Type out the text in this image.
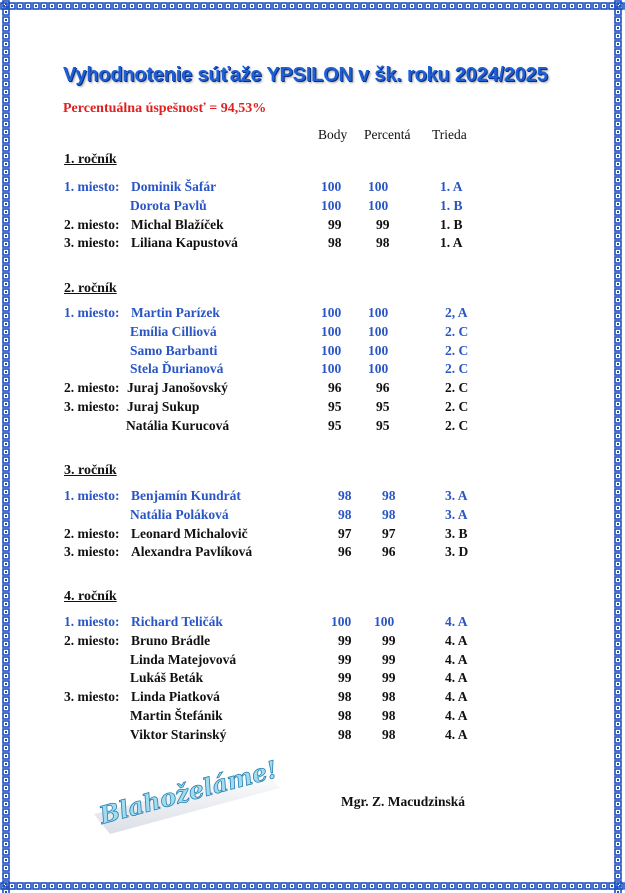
Vyhodnotenie súťaže YPSILON v šk. roku 2024/2025
Percentuálna úspešnosť = 94,53%
Body Percentá Trieda
1. ročník
1. miesto: Dominik Šafár	100 100	1. A
Dorota Pavlů	100 100	1. B
2. miesto: Michal Blažíček	99	99	1. B
3. miesto: Liliana Kapustová	98	98	1. A
2. ročník
1. miesto: Martin Parízek	100 100	2, A
Emília Cilliová	100 100	2. C
Samo Barbanti	100 100	2. C
Stela Ďurianová	100 100	2. C
2. miesto: Juraj Janošovský	96	96	2. C
3. miesto: Juraj Sukup	95	95	2. C
Natália Kurucová	95	95	2. C
3. ročník
1. miesto: Benjamín Kundrát	98 98	3. A
Natália Poláková	98 98	3. A
2. miesto: Leonard Michalovič	97 97	3. B
3. miesto: Alexandra Pavlíková	96 96	3. D
4. ročník
1. miesto: Richard Teličák	100 100	4. A
2. miesto: Bruno Brádle	99 99	4. A
Linda Matejovová	99 99	4. A
Lukáš Beták	99 99	4. A
3. miesto: Linda Piatková	98 98	4. A
Martin Štefánik	98 98	4. A
Viktor Starinský	98 98	4. A
Blahoželáme!	Mgr. Z. Macudzinská
